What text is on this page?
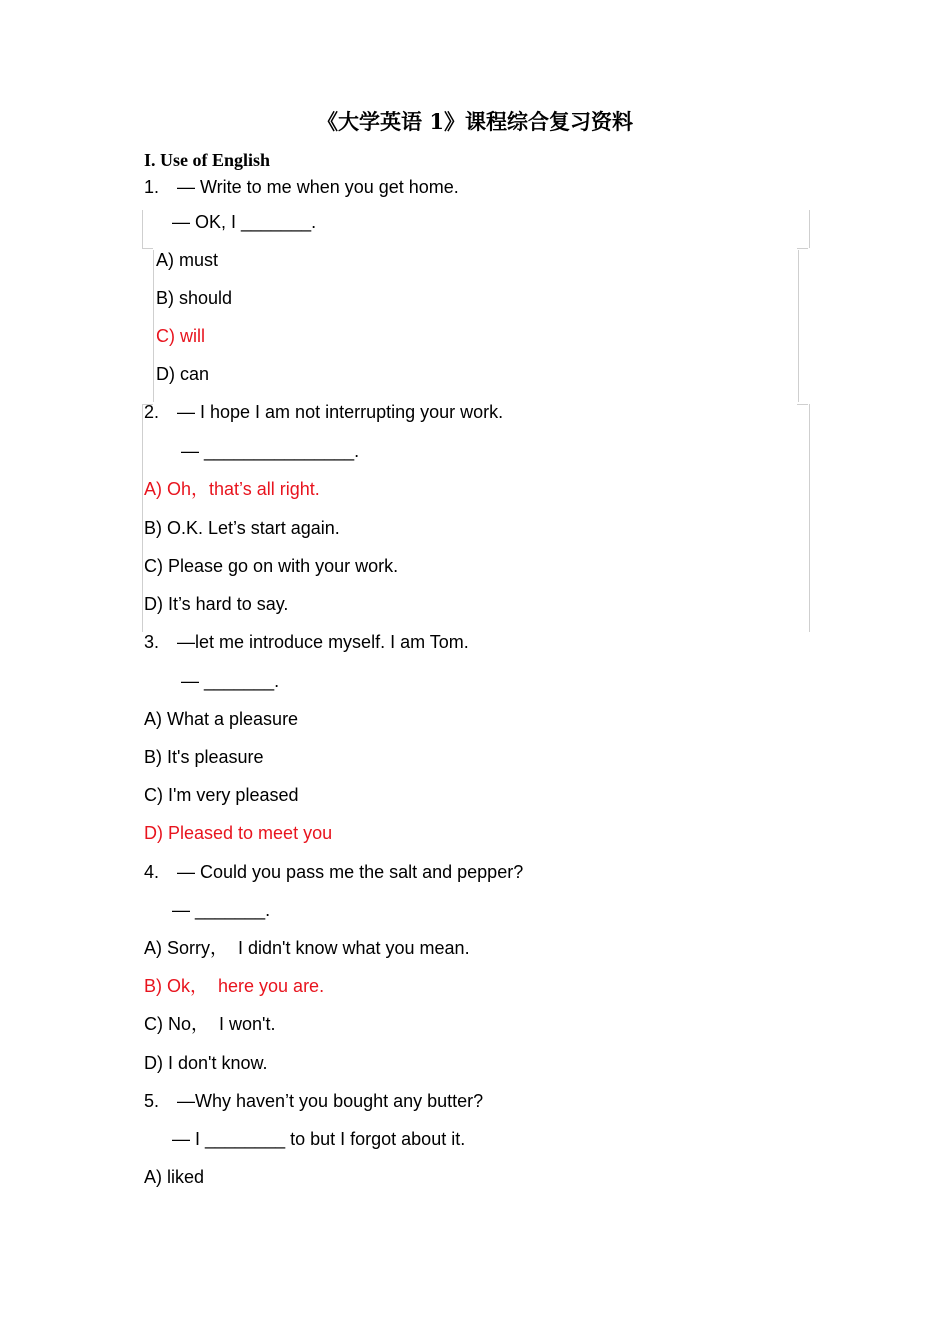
《大学英语 1》课程综合复习资料
I. Use of English
1. — Write to me when you get home.
— OK, I _______.
A) must
B) should
C) will
D) can
2. — I hope I am not interrupting your work.
— _______________.
A) Oh，that’s all right.
B) O.K. Let’s start again.
C) Please go on with your work.
D) It’s hard to say.
3. —let me introduce myself. I am Tom.
— _______.
A) What a pleasure
B) It's pleasure
C) I'm very pleased
D) Pleased to meet you
4. — Could you pass me the salt and pepper?
— _______.
A) Sorry，  I didn't know what you mean.
B) Ok，  here you are.
C) No，  I won't.
D) I don't know.
5. —Why haven’t you bought any butter?
— I ________ to but I forgot about it.
A) liked
